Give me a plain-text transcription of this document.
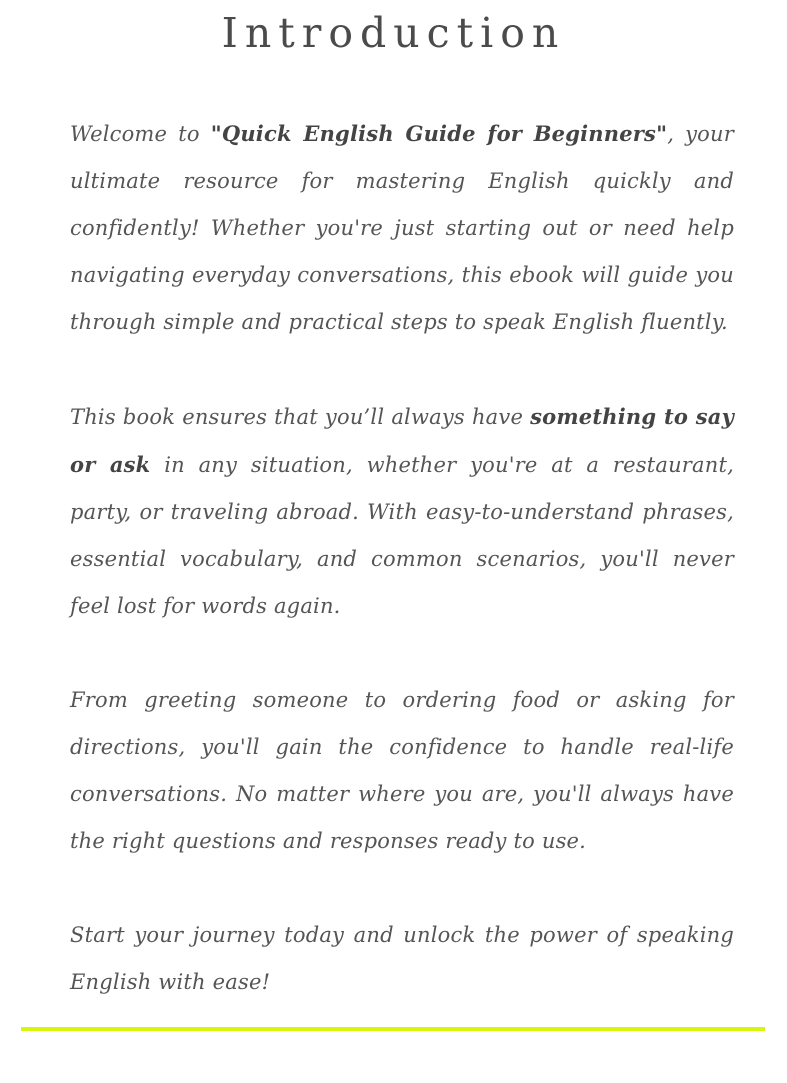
Introduction

Welcome to "Quick English Guide for Beginners", your ultimate resource for mastering English quickly and confidently! Whether you're just starting out or need help navigating everyday conversations, this ebook will guide you through simple and practical steps to speak English fluently.

This book ensures that you’ll always have something to say or ask in any situation, whether you're at a restaurant, party, or traveling abroad. With easy-to-understand phrases, essential vocabulary, and common scenarios, you'll never feel lost for words again.

From greeting someone to ordering food or asking for directions, you'll gain the confidence to handle real-life conversations. No matter where you are, you'll always have the right questions and responses ready to use.

Start your journey today and unlock the power of speaking English with ease!
